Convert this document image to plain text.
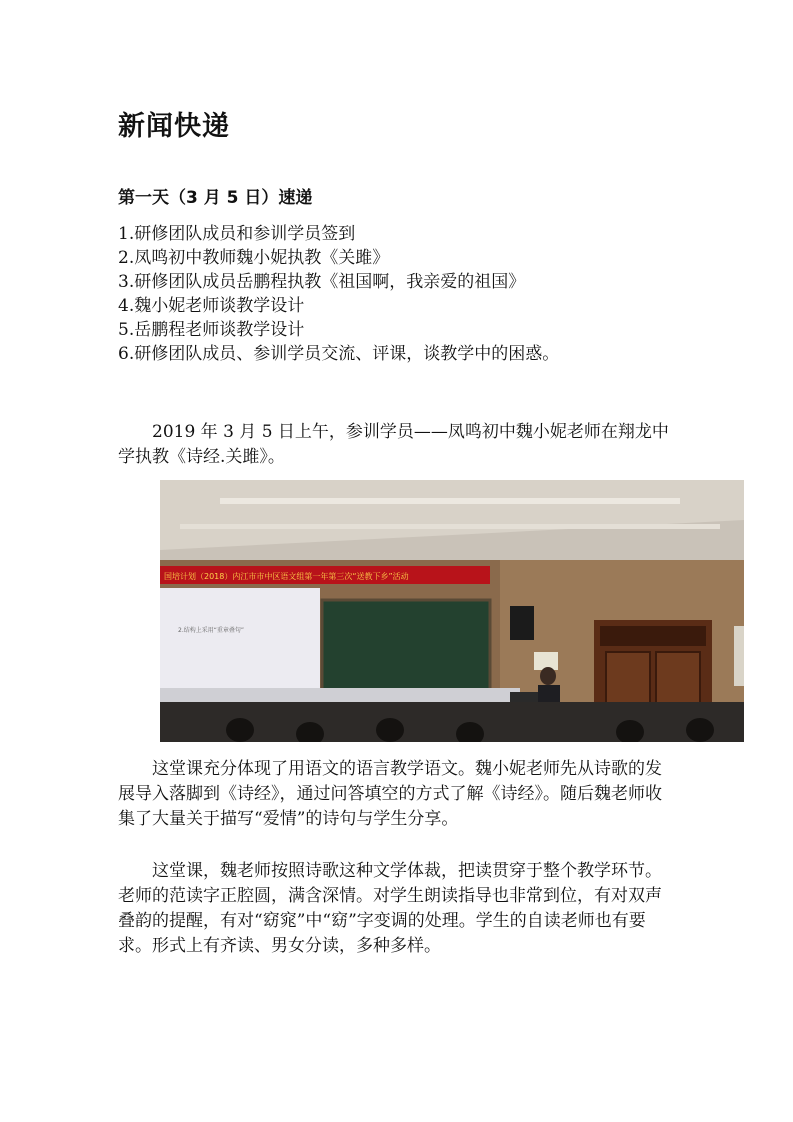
新闻快递
第一天（3 月 5 日）速递
1.研修团队成员和参训学员签到
2.凤鸣初中教师魏小妮执教《关雎》
3.研修团队成员岳鹏程执教《祖国啊，我亲爱的祖国》
4.魏小妮老师谈教学设计
5.岳鹏程老师谈教学设计
6.研修团队成员、参训学员交流、评课，谈教学中的困惑。

2019 年 3 月 5 日上午，参训学员——凤鸣初中魏小妮老师在翔龙中学执教《诗经.关雎》。

国培计划（2018）内江市市中区语文组第一年第三次“送教下乡”活动
2.结构上采用“重章叠句”

这堂课充分体现了用语文的语言教学语文。魏小妮老师先从诗歌的发展导入落脚到《诗经》，通过问答填空的方式了解《诗经》。随后魏老师收集了大量关于描写“爱情”的诗句与学生分享。

这堂课，魏老师按照诗歌这种文学体裁，把读贯穿于整个教学环节。老师的范读字正腔圆，满含深情。对学生朗读指导也非常到位，有对双声叠韵的提醒，有对“窈窕”中“窈”字变调的处理。学生的自读老师也有要求。形式上有齐读、男女分读，多种多样。
